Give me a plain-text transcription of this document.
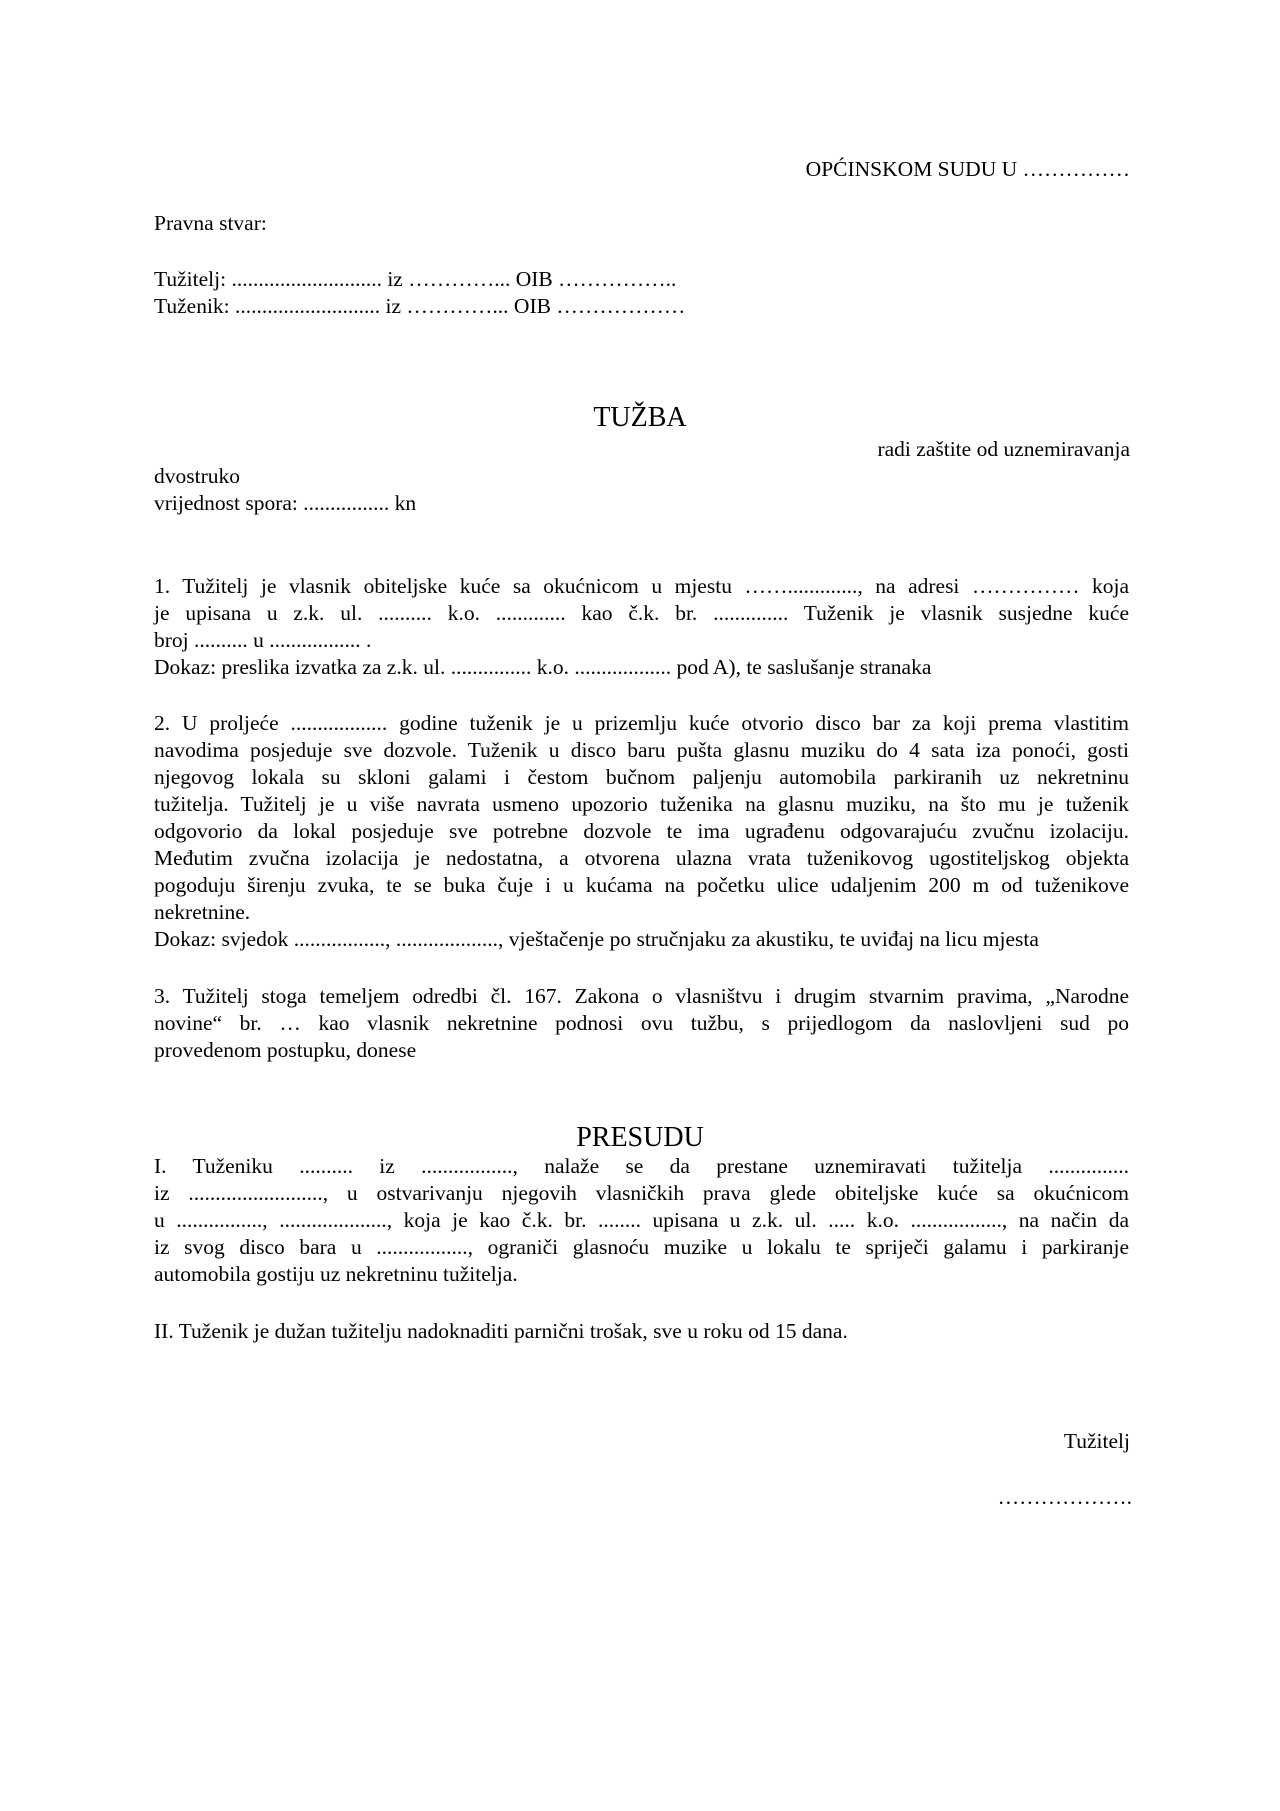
OPĆINSKOM SUDU U ……………

Pravna stvar:

Tužitelj: ............................ iz …………... OIB ……………..
Tuženik: ........................... iz …………... OIB ………………

TUŽBA

radi zaštite od uznemiravanja

dvostruko
vrijednost spora: ................ kn

1. Tužitelj je vlasnik obiteljske kuće sa okućnicom u mjestu ……............., na adresi …………… koja
je upisana u z.k. ul. .......... k.o. ............. kao č.k. br. .............. Tuženik je vlasnik susjedne kuće
broj .......... u ................. .
Dokaz: preslika izvatka za z.k. ul. ............... k.o. .................. pod A), te saslušanje stranaka

2. U proljeće .................. godine tuženik je u prizemlju kuće otvorio disco bar za koji prema vlastitim
navodima posjeduje sve dozvole. Tuženik u disco baru pušta glasnu muziku do 4 sata iza ponoći, gosti
njegovog lokala su skloni galami i čestom bučnom paljenju automobila parkiranih uz nekretninu
tužitelja. Tužitelj je u više navrata usmeno upozorio tuženika na glasnu muziku, na što mu je tuženik
odgovorio da lokal posjeduje sve potrebne dozvole te ima ugrađenu odgovarajuću zvučnu izolaciju.
Međutim zvučna izolacija je nedostatna, a otvorena ulazna vrata tuženikovog ugostiteljskog objekta
pogoduju širenju zvuka, te se buka čuje i u kućama na početku ulice udaljenim 200 m od tuženikove
nekretnine.
Dokaz: svjedok ................., ..................., vještačenje po stručnjaku za akustiku, te uviđaj na licu mjesta

3. Tužitelj stoga temeljem odredbi čl. 167. Zakona o vlasništvu i drugim stvarnim pravima, „Narodne
novine“ br. … kao vlasnik nekretnine podnosi ovu tužbu, s prijedlogom da naslovljeni sud po
provedenom postupku, donese

PRESUDU

I. Tuženiku .......... iz ................., nalaže se da prestane uznemiravati tužitelja ...............
iz ........................., u ostvarivanju njegovih vlasničkih prava glede obiteljske kuće sa okućnicom
u ................, ...................., koja je kao č.k. br. ........ upisana u z.k. ul. ..... k.o. ................., na način da
iz svog disco bara u ................., ograniči glasnoću muzike u lokalu te spriječi galamu i parkiranje
automobila gostiju uz nekretninu tužitelja.

II. Tuženik je dužan tužitelju nadoknaditi parnični trošak, sve u roku od 15 dana.

Tužitelj

……………….
